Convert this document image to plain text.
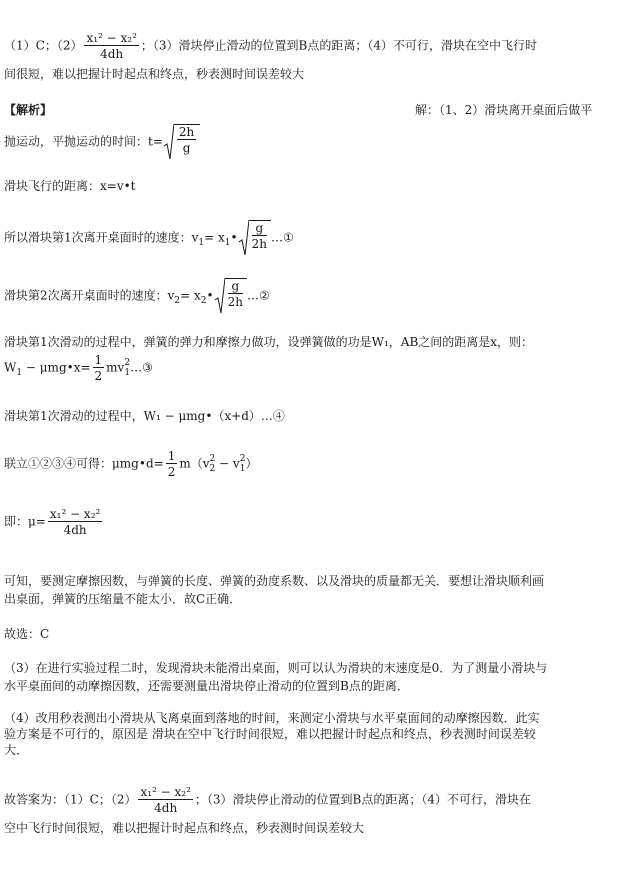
（1）C；$(2) \frac{\text{x₁² − x₂²}}{4dh}$ ；（3）滑块停止滑动的位置到B点的距离；（4）不可行，滑块在空中飞行时
间很短，难以把握计时起点和终点，秒表测时间误差较大
【解析】	解：（1、2）滑块离开桌面后做平
抛运动，平抛运动的时间：$t= \frac{2h}{g}$
滑块飞行的距离：x=v•t
所以滑块第1次离开桌面时的速度：$v_1=$ $x_1• \frac{g}{2h}$ …①
滑块第2次离开桌面时的速度：$v_2=$ $x_2• \frac{g}{2h}$ …②
滑块第1次滑动的过程中，弹簧的弹力和摩擦力做功，设弹簧做的功是W₁，AB之间的距离是x，则：
$W_1$ − μmg•x= $\frac{1}{2}$ mv 2
1 …③
滑块第1次滑动的过程中，W₁ − μmg•（x+d）…④
联立①②③④可得：μmg•d= $\frac{1}{2} m(v$ 2
2 − v 2
1 ）
即：$\mu= \frac{\text{x₁² − x₂²}}{4dh}$
可知，要测定摩擦因数，与弹簧的长度、弹簧的劲度系数、以及滑块的质量都无关．要想让滑块顺利画
出桌面，弹簧的压缩量不能太小．故C正确．
故选：C
（3）在进行实验过程二时，发现滑块未能滑出桌面，则可以认为滑块的末速度是0．为了测量小滑块与
水平桌面间的动摩擦因数，还需要测量出滑块停止滑动的位置到B点的距离．
（4）改用秒表测出小滑块从飞离桌面到落地的时间，来测定小滑块与水平桌面间的动摩擦因数．此实
验方案是不可行的，原因是 滑块在空中飞行时间很短，难以把握计时起点和终点，秒表测时间误差较
大．
故答案为：（1）C；$(2) \frac{\text{x₁² − x₂²}}{4dh}$ ；（3）滑块停止滑动的位置到B点的距离；（4）不可行，滑块在
空中飞行时间很短，难以把握计时起点和终点，秒表测时间误差较大
